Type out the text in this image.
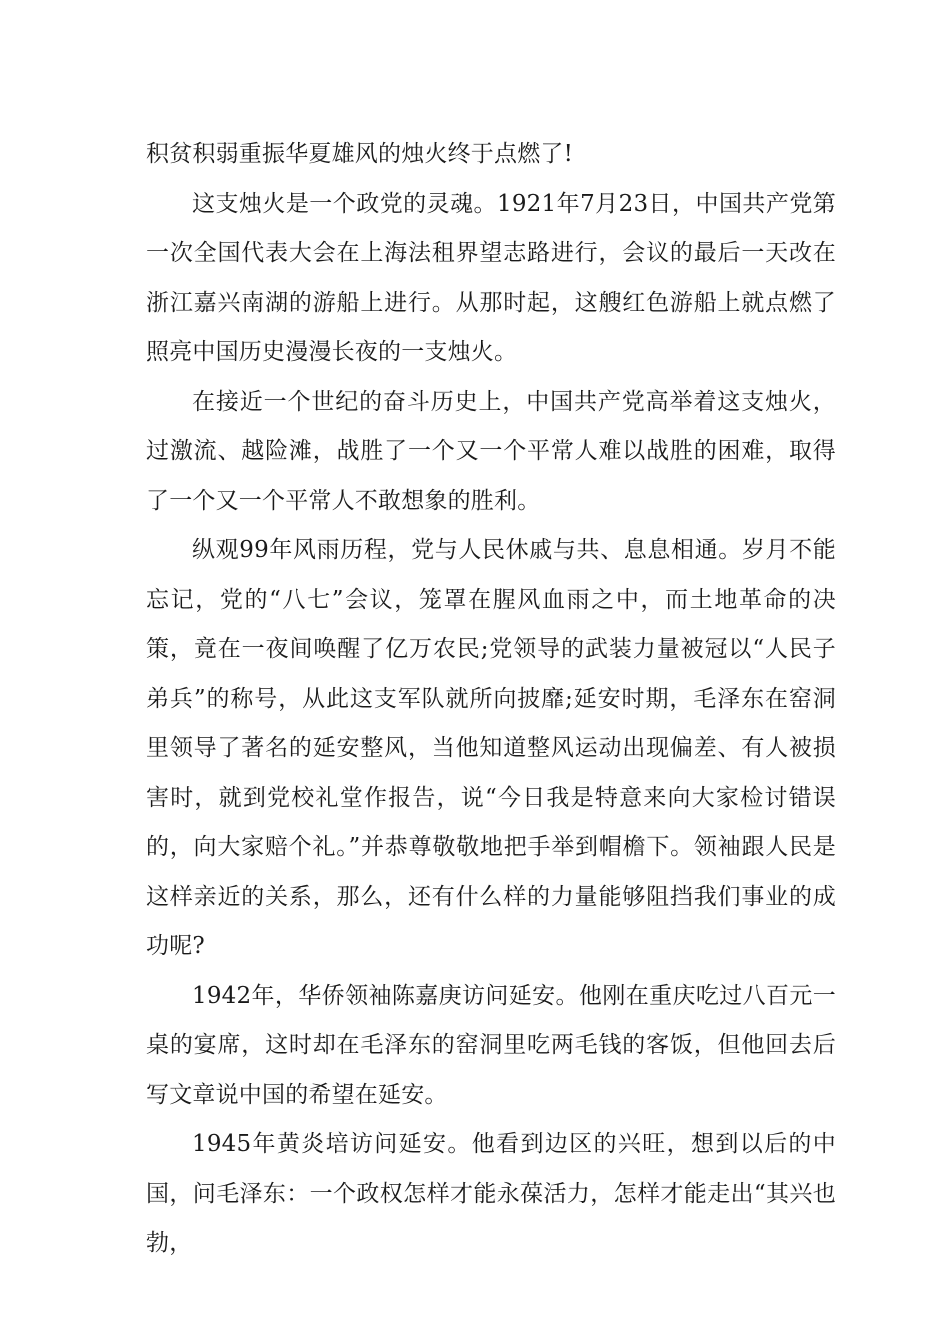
积贫积弱重振华夏雄风的烛火终于点燃了!

这支烛火是一个政党的灵魂。1921年7月23日，中国共产党第一次全国代表大会在上海法租界望志路进行，会议的最后一天改在浙江嘉兴南湖的游船上进行。从那时起，这艘红色游船上就点燃了照亮中国历史漫漫长夜的一支烛火。

在接近一个世纪的奋斗历史上，中国共产党高举着这支烛火，过激流、越险滩，战胜了一个又一个平常人难以战胜的困难，取得了一个又一个平常人不敢想象的胜利。

纵观99年风雨历程，党与人民休戚与共、息息相通。岁月不能忘记，党的“八七”会议，笼罩在腥风血雨之中，而土地革命的决策，竟在一夜间唤醒了亿万农民;党领导的武装力量被冠以“人民子弟兵”的称号，从此这支军队就所向披靡;延安时期，毛泽东在窑洞里领导了著名的延安整风，当他知道整风运动出现偏差、有人被损害时，就到党校礼堂作报告，说“今日我是特意来向大家检讨错误的，向大家赔个礼。”并恭尊敬敬地把手举到帽檐下。领袖跟人民是这样亲近的关系，那么，还有什么样的力量能够阻挡我们事业的成功呢?

1942年，华侨领袖陈嘉庚访问延安。他刚在重庆吃过八百元一桌的宴席，这时却在毛泽东的窑洞里吃两毛钱的客饭，但他回去后写文章说中国的希望在延安。

1945年黄炎培访问延安。他看到边区的兴旺，想到以后的中国，问毛泽东：一个政权怎样才能永葆活力，怎样才能走出“其兴也勃，
